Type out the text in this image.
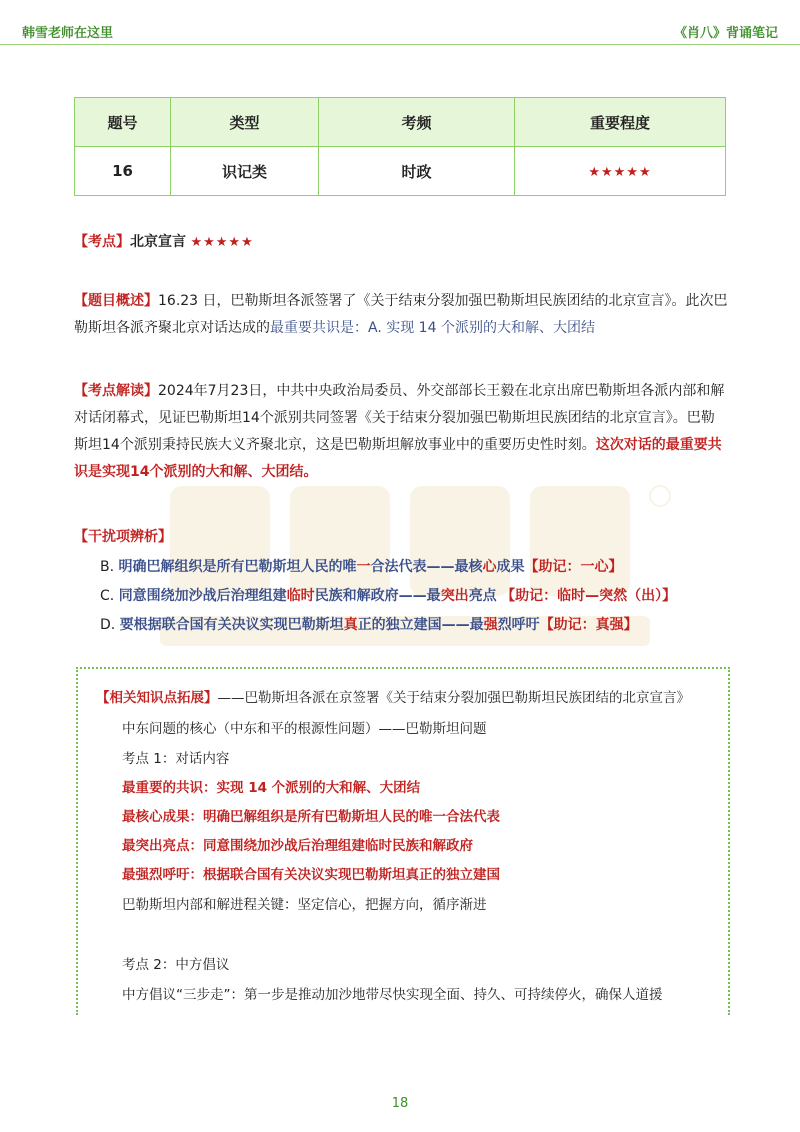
韩雪老师在这里	《肖八》背诵笔记
题号	类型	考频	重要程度
16	识记类	时政	★★★★★
【考点】北京宣言 ★★★★★
【题目概述】16.23 日，巴勒斯坦各派签署了《关于结束分裂加强巴勒斯坦民族团结的北京宣言》。此次巴勒斯坦各派齐聚北京对话达成的最重要共识是：A. 实现 14 个派别的大和解、大团结
【考点解读】2024年7月23日，中共中央政治局委员、外交部部长王毅在北京出席巴勒斯坦各派内部和解对话闭幕式，见证巴勒斯坦14个派别共同签署《关于结束分裂加强巴勒斯坦民族团结的北京宣言》。巴勒斯坦14个派别秉持民族大义齐聚北京，这是巴勒斯坦解放事业中的重要历史性时刻。这次对话的最重要共识是实现14个派别的大和解、大团结。
【干扰项辨析】
B. 明确巴解组织是所有巴勒斯坦人民的唯一合法代表——最核心成果【助记：一心】
C. 同意围绕加沙战后治理组建临时民族和解政府——最突出亮点 【助记：临时—突然（出）】
D. 要根据联合国有关决议实现巴勒斯坦真正的独立建国——最强烈呼吁【助记：真强】
【相关知识点拓展】——巴勒斯坦各派在京签署《关于结束分裂加强巴勒斯坦民族团结的北京宣言》
中东问题的核心（中东和平的根源性问题）——巴勒斯坦问题
考点 1：对话内容
最重要的共识：实现 14 个派别的大和解、大团结
最核心成果：明确巴解组织是所有巴勒斯坦人民的唯一合法代表
最突出亮点：同意围绕加沙战后治理组建临时民族和解政府
最强烈呼吁：根据联合国有关决议实现巴勒斯坦真正的独立建国
巴勒斯坦内部和解进程关键：坚定信心，把握方向，循序渐进
考点 2：中方倡议
中方倡议“三步走”：第一步是推动加沙地带尽快实现全面、持久、可持续停火，确保人道援
18
